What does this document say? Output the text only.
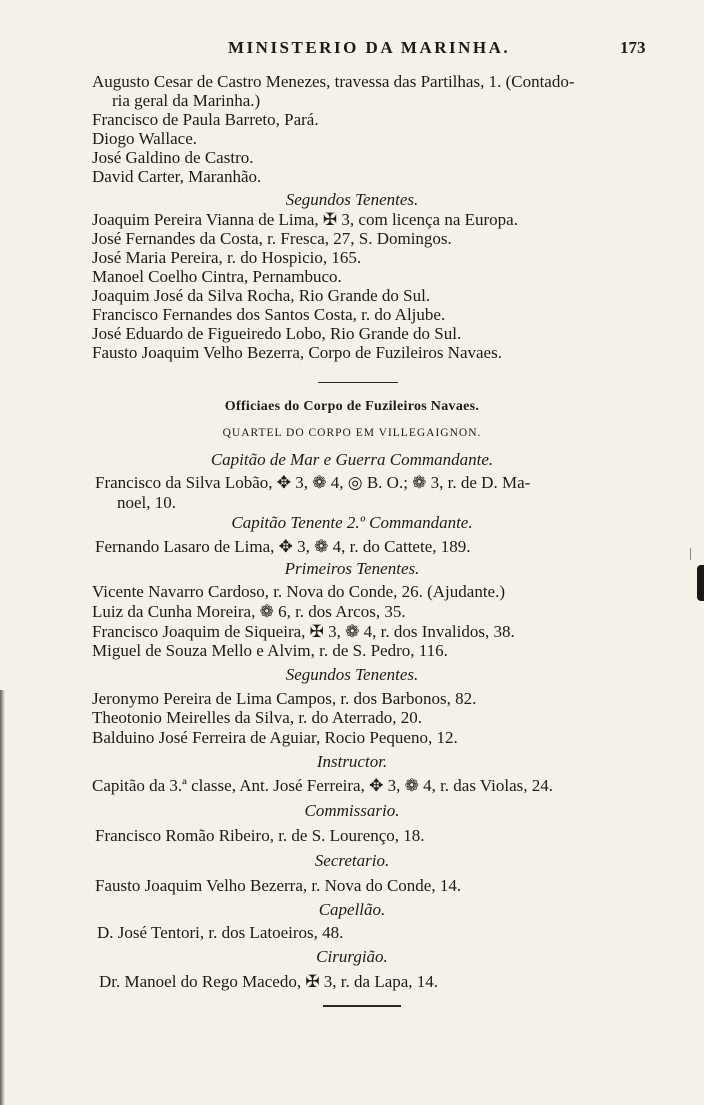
MINISTERIO DA MARINHA.	173
Augusto Cesar de Castro Menezes, travessa das Partilhas, 1. (Contado-
ria geral da Marinha.)
Francisco de Paula Barreto, Pará.
Diogo Wallace.
José Galdino de Castro.
David Carter, Maranhão.
Segundos Tenentes.
Joaquim Pereira Vianna de Lima, ✠ 3, com licença na Europa.
José Fernandes da Costa, r. Fresca, 27, S. Domingos.
José Maria Pereira, r. do Hospicio, 165.
Manoel Coelho Cintra, Pernambuco.
Joaquim José da Silva Rocha, Rio Grande do Sul.
Francisco Fernandes dos Santos Costa, r. do Aljube.
José Eduardo de Figueiredo Lobo, Rio Grande do Sul.
Fausto Joaquim Velho Bezerra, Corpo de Fuzileiros Navaes.
Officiaes do Corpo de Fuzileiros Navaes.
QUARTEL DO CORPO EM VILLEGAIGNON.
Capitão de Mar e Guerra Commandante.
Francisco da Silva Lobão, ✥ 3, ❁ 4, ◎ B. O.; ❁ 3, r. de D. Ma-
noel, 10.
Capitão Tenente 2.º Commandante.
Fernando Lasaro de Lima, ✥ 3, ❁ 4, r. do Cattete, 189.
Primeiros Tenentes.
Vicente Navarro Cardoso, r. Nova do Conde, 26. (Ajudante.)
Luiz da Cunha Moreira, ❁ 6, r. dos Arcos, 35.
Francisco Joaquim de Siqueira, ✠ 3, ❁ 4, r. dos Invalidos, 38.
Miguel de Souza Mello e Alvim, r. de S. Pedro, 116.
Segundos Tenentes.
Jeronymo Pereira de Lima Campos, r. dos Barbonos, 82.
Theotonio Meirelles da Silva, r. do Aterrado, 20.
Balduino José Ferreira de Aguiar, Rocio Pequeno, 12.
Instructor.
Capitão da 3.ª classe, Ant. José Ferreira, ✥ 3, ❁ 4, r. das Violas, 24.
Commissario.
Francisco Romão Ribeiro, r. de S. Lourenço, 18.
Secretario.
Fausto Joaquim Velho Bezerra, r. Nova do Conde, 14.
Capellão.
D. José Tentori, r. dos Latoeiros, 48.
Cirurgião.
Dr. Manoel do Rego Macedo, ✠ 3, r. da Lapa, 14.
